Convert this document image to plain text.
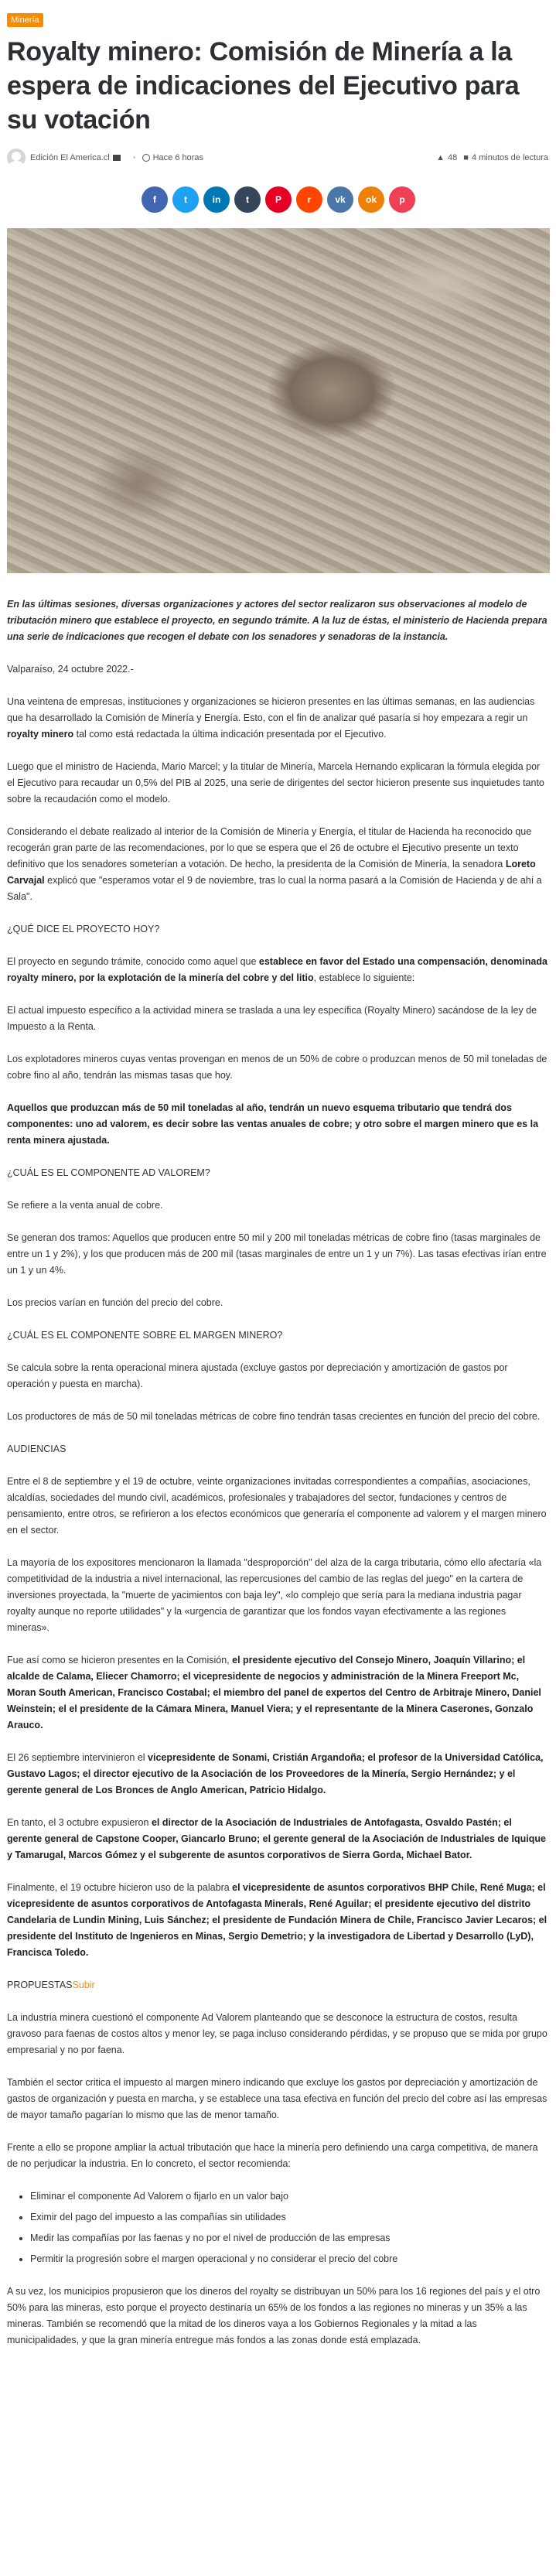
Minería
Royalty minero: Comisión de Minería a la espera de indicaciones del Ejecutivo para su votación
Edición El America.cl	• Hace 6 horas	▲ 48 ■ 4 minutos de lectura
f	t	in	t	P	r	vk ok p

En las últimas sesiones, diversas organizaciones y actores del sector realizaron sus observaciones al modelo de tributación minero que establece el proyecto, en segundo trámite. A la luz de éstas, el ministerio de Hacienda prepara una serie de indicaciones que recogen el debate con los senadores y senadoras de la instancia.

Valparaíso, 24 octubre 2022.-

Una veintena de empresas, instituciones y organizaciones se hicieron presentes en las últimas semanas, en las audiencias que ha desarrollado la Comisión de Minería y Energía. Esto, con el fin de analizar qué pasaría si hoy empezara a regir un royalty minero tal como está redactada la última indicación presentada por el Ejecutivo.

Luego que el ministro de Hacienda, Mario Marcel; y la titular de Minería, Marcela Hernando explicaran la fórmula elegida por el Ejecutivo para recaudar un 0,5% del PIB al 2025, una serie de dirigentes del sector hicieron presente sus inquietudes tanto sobre la recaudación como el modelo.

Considerando el debate realizado al interior de la Comisión de Minería y Energía, el titular de Hacienda ha reconocido que recogerán gran parte de las recomendaciones, por lo que se espera que el 26 de octubre el Ejecutivo presente un texto definitivo que los senadores someterían a votación. De hecho, la presidenta de la Comisión de Minería, la senadora Loreto Carvajal explicó que "esperamos votar el 9 de noviembre, tras lo cual la norma pasará a la Comisión de Hacienda y de ahí a Sala".

¿QUÉ DICE EL PROYECTO HOY?

El proyecto en segundo trámite, conocido como aquel que establece en favor del Estado una compensación, denominada royalty minero, por la explotación de la minería del cobre y del litio, establece lo siguiente:

El actual impuesto específico a la actividad minera se traslada a una ley específica (Royalty Minero) sacándose de la ley de Impuesto a la Renta.

Los explotadores mineros cuyas ventas provengan en menos de un 50% de cobre o produzcan menos de 50 mil toneladas de cobre fino al año, tendrán las mismas tasas que hoy.

Aquellos que produzcan más de 50 mil toneladas al año, tendrán un nuevo esquema tributario que tendrá dos componentes: uno ad valorem, es decir sobre las ventas anuales de cobre; y otro sobre el margen minero que es la renta minera ajustada.

¿CUÁL ES EL COMPONENTE AD VALOREM?

Se refiere a la venta anual de cobre.

Se generan dos tramos: Aquellos que producen entre 50 mil y 200 mil toneladas métricas de cobre fino (tasas marginales de entre un 1 y 2%), y los que producen más de 200 mil (tasas marginales de entre un 1 y un 7%). Las tasas efectivas irían entre un 1 y un 4%.

Los precios varían en función del precio del cobre.

¿CUÁL ES EL COMPONENTE SOBRE EL MARGEN MINERO?

Se calcula sobre la renta operacional minera ajustada (excluye gastos por depreciación y amortización de gastos por operación y puesta en marcha).

Los productores de más de 50 mil toneladas métricas de cobre fino tendrán tasas crecientes en función del precio del cobre.

AUDIENCIAS

Entre el 8 de septiembre y el 19 de octubre, veinte organizaciones invitadas correspondientes a compañías, asociaciones, alcaldías, sociedades del mundo civil, académicos, profesionales y trabajadores del sector, fundaciones y centros de pensamiento, entre otros, se refirieron a los efectos económicos que generaría el componente ad valorem y el margen minero en el sector.

La mayoría de los expositores mencionaron la llamada "desproporción" del alza de la carga tributaria, cómo ello afectaría «la competitividad de la industria a nivel internacional, las repercusiones del cambio de las reglas del juego" en la cartera de inversiones proyectada, la "muerte de yacimientos con baja ley", «lo complejo que sería para la mediana industria pagar royalty aunque no reporte utilidades" y la «urgencia de garantizar que los fondos vayan efectivamente a las regiones mineras».

Fue así como se hicieron presentes en la Comisión, el presidente ejecutivo del Consejo Minero, Joaquín Villarino; el alcalde de Calama, Eliecer Chamorro; el vicepresidente de negocios y administración de la Minera Freeport Mc, Moran South American, Francisco Costabal; el miembro del panel de expertos del Centro de Arbitraje Minero, Daniel Weinstein; el el presidente de la Cámara Minera, Manuel Viera; y el representante de la Minera Caserones, Gonzalo Arauco.

El 26 septiembre intervinieron el vicepresidente de Sonami, Cristián Argandoña; el profesor de la Universidad Católica, Gustavo Lagos; el director ejecutivo de la Asociación de los Proveedores de la Minería, Sergio Hernández; y el gerente general de Los Bronces de Anglo American, Patricio Hidalgo.

En tanto, el 3 octubre expusieron el director de la Asociación de Industriales de Antofagasta, Osvaldo Pastén; el gerente general de Capstone Cooper, Giancarlo Bruno; el gerente general de la Asociación de Industriales de Iquique y Tamarugal, Marcos Gómez y el subgerente de asuntos corporativos de Sierra Gorda, Michael Bator.

Finalmente, el 19 octubre hicieron uso de la palabra el vicepresidente de asuntos corporativos BHP Chile, René Muga; el vicepresidente de asuntos corporativos de Antofagasta Minerals, René Aguilar; el presidente ejecutivo del distrito Candelaria de Lundin Mining, Luis Sánchez; el presidente de Fundación Minera de Chile, Francisco Javier Lecaros; el presidente del Instituto de Ingenieros en Minas, Sergio Demetrio; y la investigadora de Libertad y Desarrollo (LyD), Francisca Toledo.

PROPUESTASSubir

La industria minera cuestionó el componente Ad Valorem planteando que se desconoce la estructura de costos, resulta gravoso para faenas de costos altos y menor ley, se paga incluso considerando pérdidas, y se propuso que se mida por grupo empresarial y no por faena.

También el sector critica el impuesto al margen minero indicando que excluye los gastos por depreciación y amortización de gastos de organización y puesta en marcha, y se establece una tasa efectiva en función del precio del cobre así las empresas de mayor tamaño pagarían lo mismo que las de menor tamaño.

Frente a ello se propone ampliar la actual tributación que hace la minería pero definiendo una carga competitiva, de manera de no perjudicar la industria. En lo concreto, el sector recomienda:

• Eliminar el componente Ad Valorem o fijarlo en un valor bajo
• Eximir del pago del impuesto a las compañías sin utilidades
• Medir las compañías por las faenas y no por el nivel de producción de las empresas
• Permitir la progresión sobre el margen operacional y no considerar el precio del cobre

A su vez, los municipios propusieron que los dineros del royalty se distribuyan un 50% para los 16 regiones del país y el otro 50% para las mineras, esto porque el proyecto destinaría un 65% de los fondos a las regiones no mineras y un 35% a las mineras. También se recomendó que la mitad de los dineros vaya a los Gobiernos Regionales y la mitad a las municipalidades, y que la gran minería entregue más fondos a las zonas donde está emplazada.
